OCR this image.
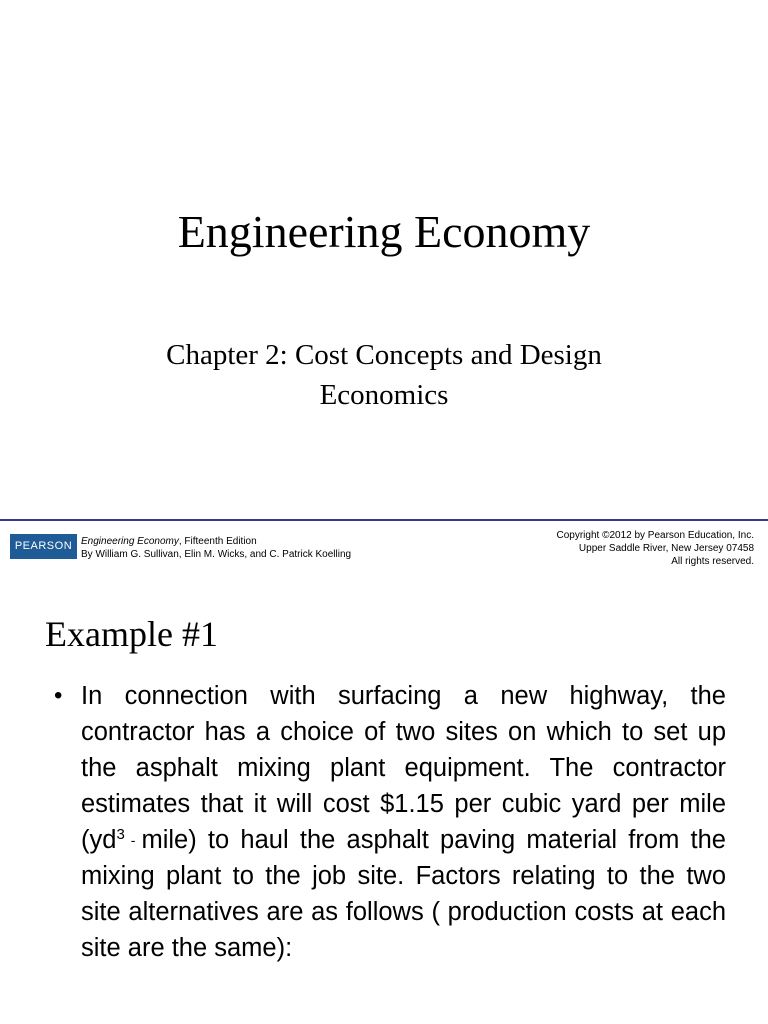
Engineering Economy
Chapter 2: Cost Concepts and Design Economics
PEARSON Engineering Economy, Fifteenth Edition
By William G. Sullivan, Elin M. Wicks, and C. Patrick Koelling
Copyright ©2012 by Pearson Education, Inc.
Upper Saddle River, New Jersey 07458
All rights reserved.
Example #1
• In connection with surfacing a new highway, the contractor has a choice of two sites on which to set up the asphalt mixing plant equipment. The contractor estimates that it will cost $1.15 per cubic yard per mile ($yd^3$ - mile) to haul the asphalt paving material from the mixing plant to the job site. Factors relating to the two site alternatives are as follows ( production costs at each site are the same):
